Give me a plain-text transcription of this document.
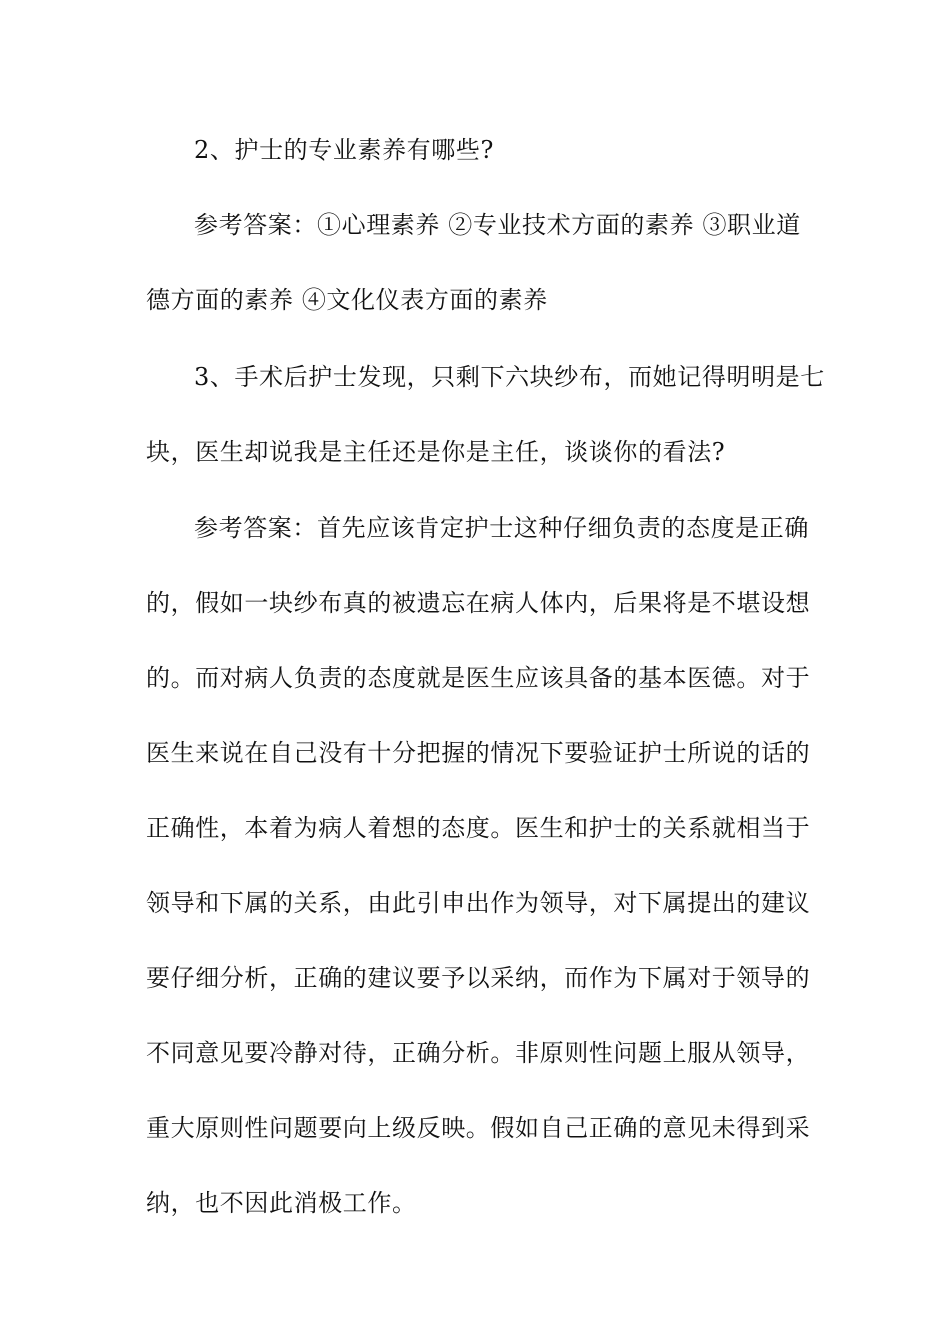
2、护士的专业素养有哪些?
参考答案：①心理素养 ②专业技术方面的素养 ③职业道
德方面的素养 ④文化仪表方面的素养
3、手术后护士发现，只剩下六块纱布，而她记得明明是七
块，医生却说我是主任还是你是主任，谈谈你的看法?
参考答案：首先应该肯定护士这种仔细负责的态度是正确
的，假如一块纱布真的被遗忘在病人体内，后果将是不堪设想
的。而对病人负责的态度就是医生应该具备的基本医德。对于
医生来说在自己没有十分把握的情况下要验证护士所说的话的
正确性，本着为病人着想的态度。医生和护士的关系就相当于
领导和下属的关系，由此引申出作为领导，对下属提出的建议
要仔细分析，正确的建议要予以采纳，而作为下属对于领导的
不同意见要冷静对待，正确分析。非原则性问题上服从领导，
重大原则性问题要向上级反映。假如自己正确的意见未得到采
纳，也不因此消极工作。
